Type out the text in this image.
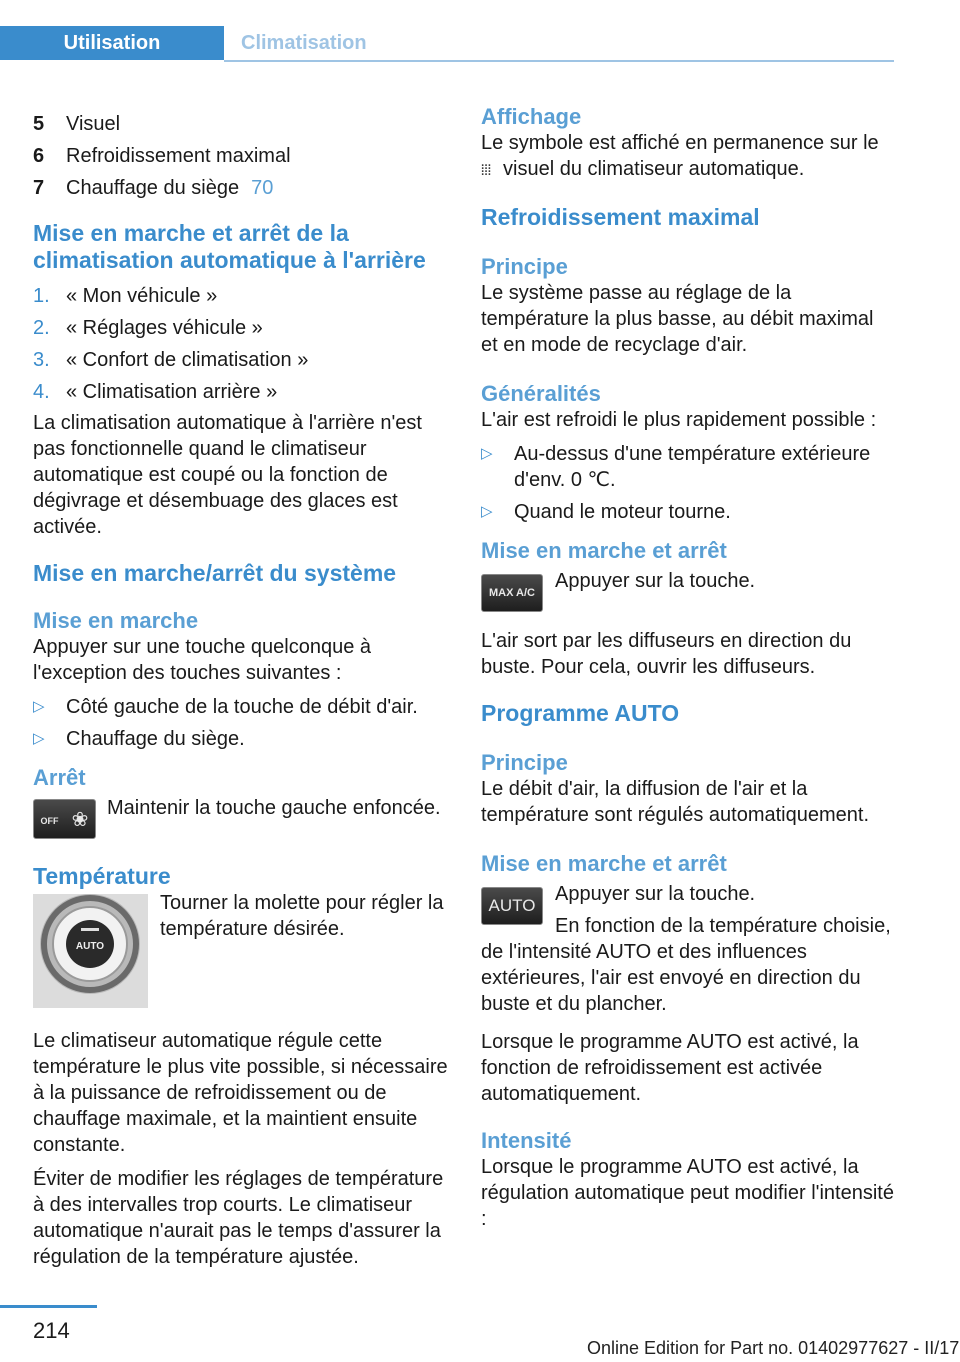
Utilisation	Climatisation
5	Visuel
6	Refroidissement maximal
7	Chauffage du siège 70
Mise en marche et arrêt de la climatisation automatique à l'arrière
1. « Mon véhicule »
2. « Réglages véhicule »
3. « Confort de climatisation »
4. « Climatisation arrière »

La climatisation automatique à l'arrière n'est pas fonctionnelle quand le climatiseur automatique est coupé ou la fonction de dégivrage et désembuage des glaces est activée.

Mise en marche/arrêt du système
Mise en marche

Appuyer sur une touche quelconque à l'exception des touches suivantes :

▷	Côté gauche de la touche de débit d'air.
▷	Chauffage du siège.
Arrêt
OFF ❀

Maintenir la touche gauche enfoncée.

Température
AUTO

Tourner la molette pour régler la température désirée.

Le climatiseur automatique régule cette température le plus vite possible, si nécessaire à la puissance de refroidissement ou de chauffage maximale, et la maintient ensuite constante.

Éviter de modifier les réglages de température à des intervalles trop courts. Le climatiseur automatique n'aurait pas le temps d'assurer la régulation de la température ajustée.

Affichage

Le symbole est affiché en permanence sur le

⦙⦙⦙ visuel du climatiseur automatique.

Refroidissement maximal
Principe

Le système passe au réglage de la température la plus basse, au débit maximal et en mode de recyclage d'air.

Généralités

L'air est refroidi le plus rapidement possible :

▷	Au-dessus d'une température extérieure d'env. 0 ℃.
▷	Quand le moteur tourne.
Mise en marche et arrêt
MAX A/C

Appuyer sur la touche.

L'air sort par les diffuseurs en direction du buste. Pour cela, ouvrir les diffuseurs.

Programme AUTO
Principe

Le débit d'air, la diffusion de l'air et la température sont régulés automatiquement.

Mise en marche et arrêt
AUTO

Appuyer sur la touche.

En fonction de la température choisie,

de l'intensité AUTO et des influences extérieures, l'air est envoyé en direction du buste et du plancher.

Lorsque le programme AUTO est activé, la fonction de refroidissement est activée automatiquement.

Intensité

Lorsque le programme AUTO est activé, la régulation automatique peut modifier l'intensité :

214
Online Edition for Part no. 01402977627 - II/17
